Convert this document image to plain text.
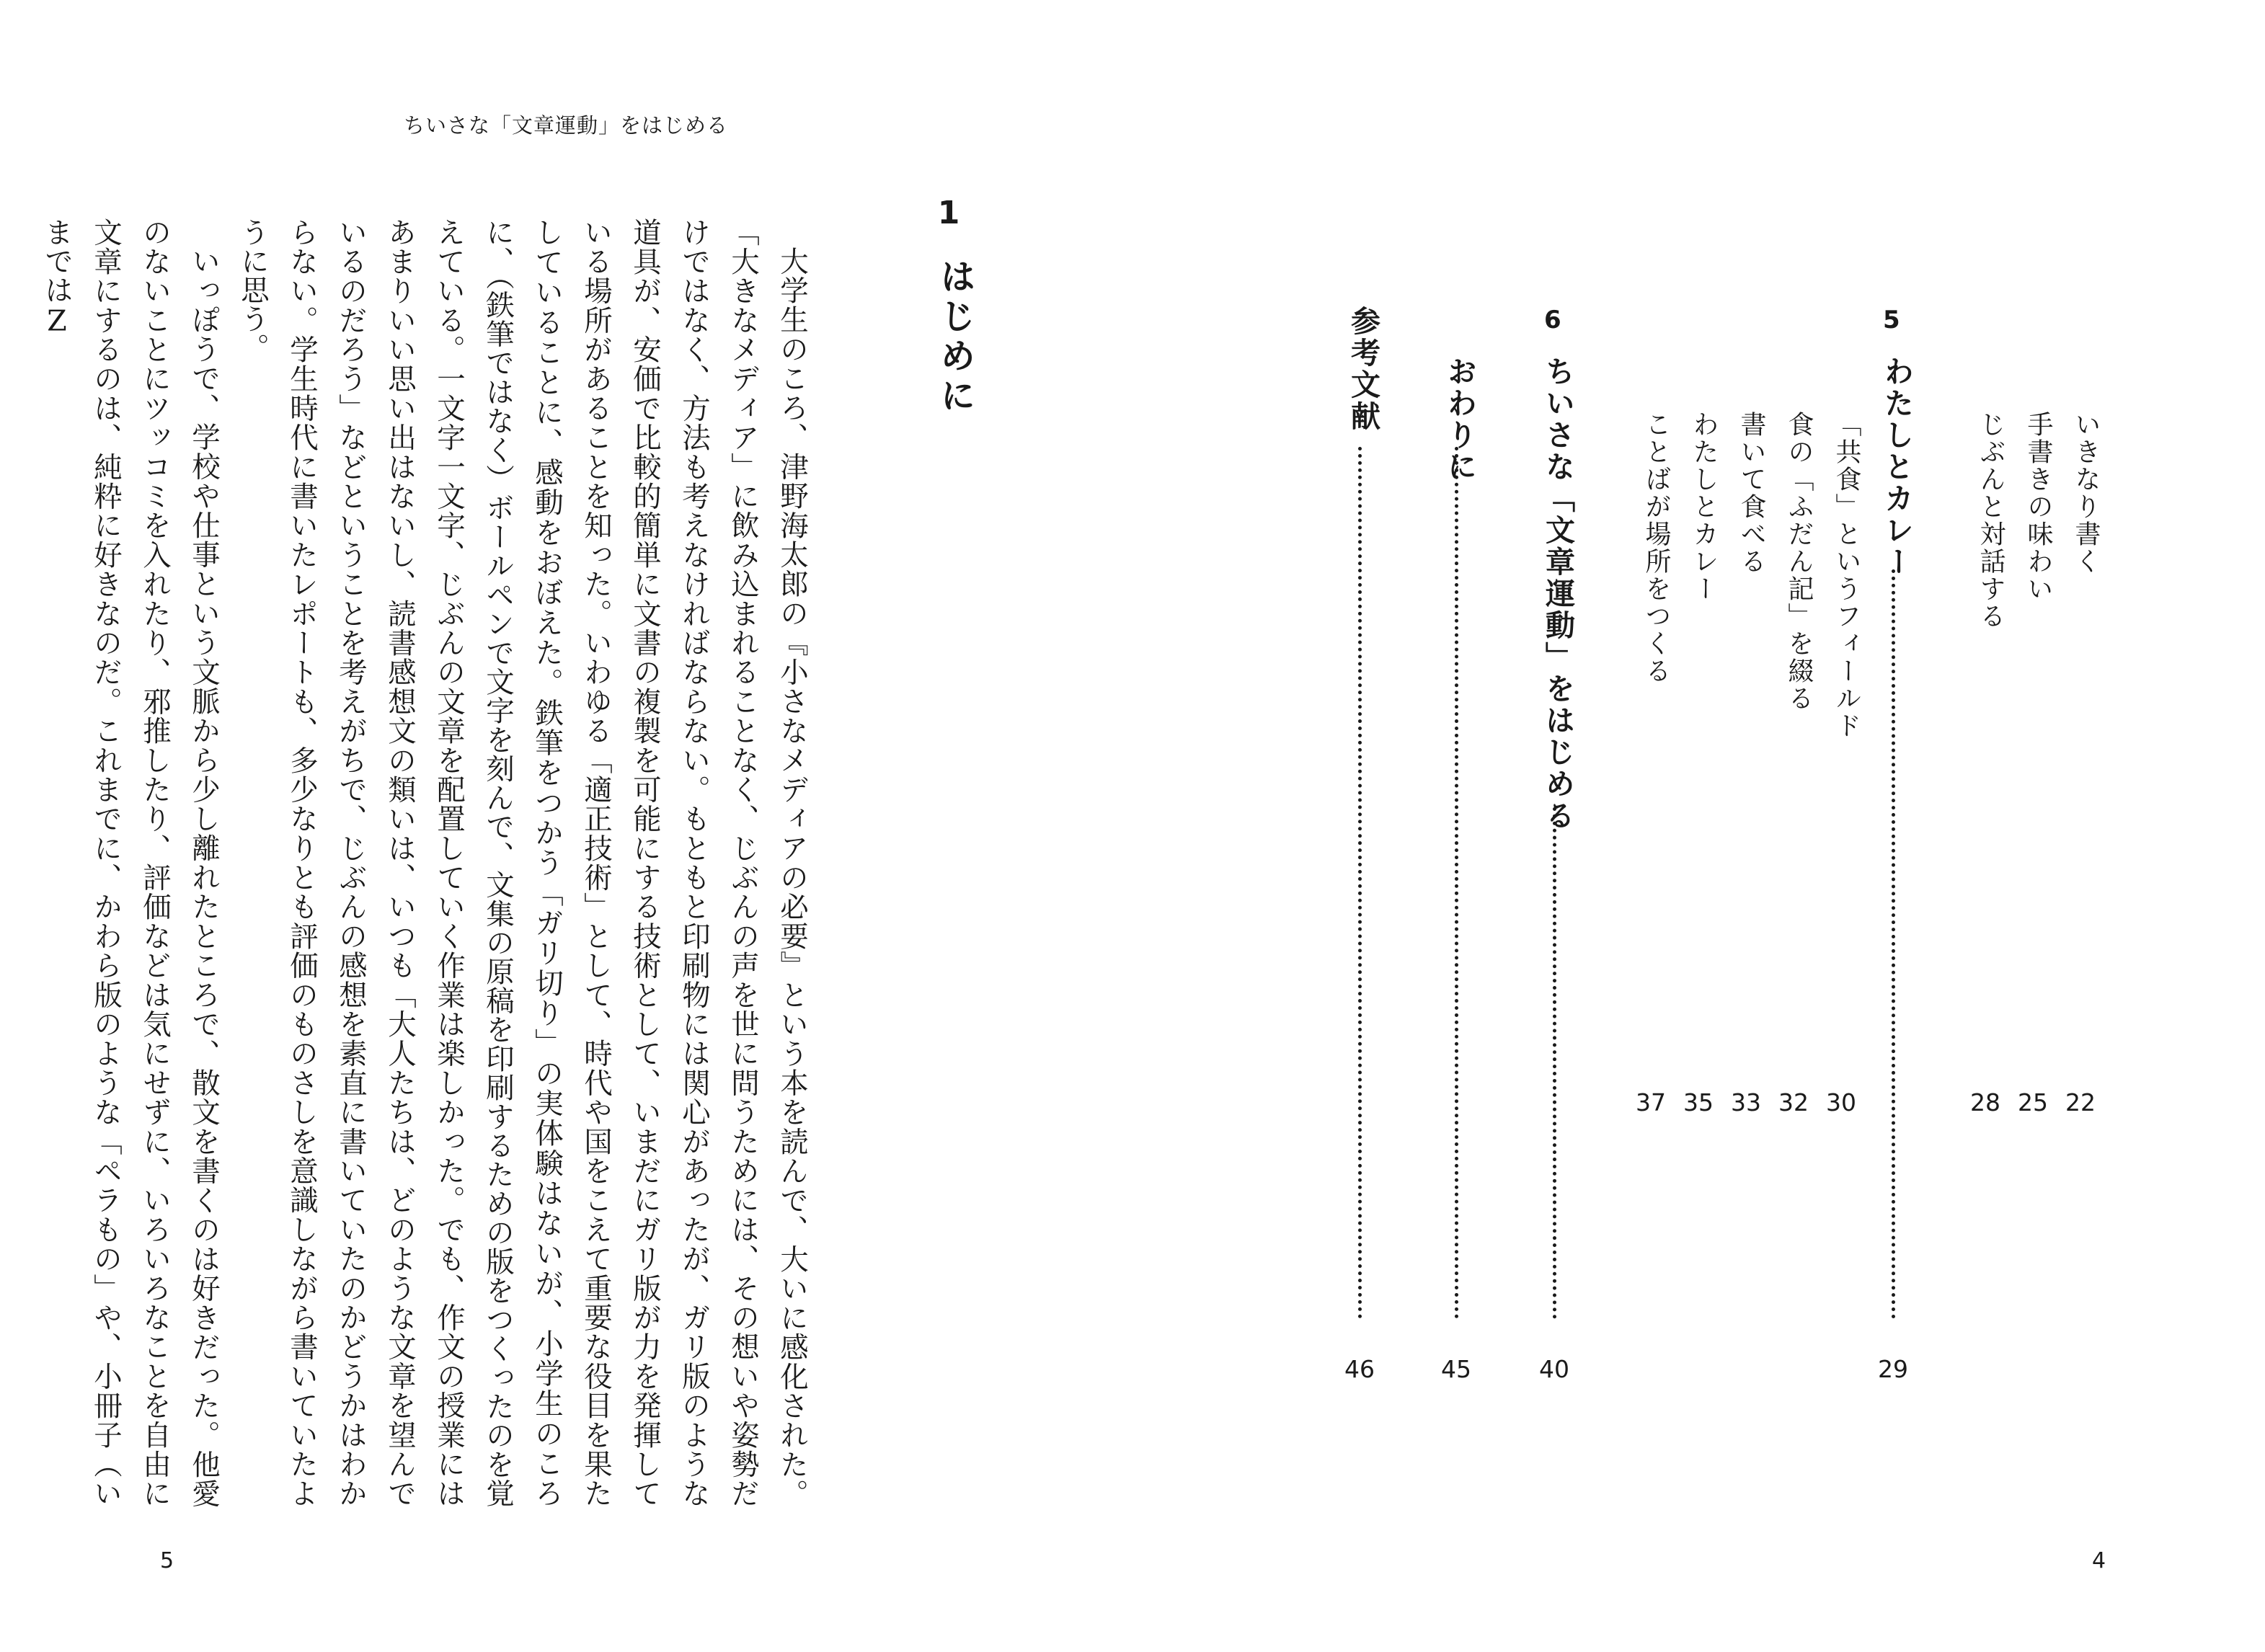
ちいさな「文章運動」をはじめる
1
はじめに

大学生のころ、津野海太郎の『小さなメディアの必要』という本を読んで、大いに感化された。「大きなメディア」に飲み込まれることなく、じぶんの声を世に問うためには、その想いや姿勢だけではなく、方法も考えなければならない。もともと印刷物には関心があったが、ガリ版のような道具が、安価で比較的簡単に文書の複製を可能にする技術として、いまだにガリ版が力を発揮している場所があることを知った。いわゆる「適正技術」として、時代や国をこえて重要な役目を果たしていることに、感動をおぼえた。鉄筆をつかう「ガリ切り」の実体験はないが、小学生のころに、（鉄筆ではなく）ボールペンで文字を刻んで、文集の原稿を印刷するための版をつくったのを覚えている。一文字一文字、じぶんの文章を配置していく作業は楽しかった。でも、作文の授業にはあまりいい思い出はないし、読書感想文の類いは、いつも「大人たちは、どのような文章を望んでいるのだろう」などということを考えがちで、じぶんの感想を素直に書いていたのかどうかはわからない。学生時代に書いたレポートも、多少なりとも評価のものさしを意識しながら書いていたように思う。

いっぽうで、学校や仕事という文脈から少し離れたところで、散文を書くのは好きだった。他愛のないことにツッコミを入れたり、邪推したり、評価などは気にせずに、いろいろなことを自由に文章にするのは、純粋に好きなのだ。これまでに、かわら版のような「ペラもの」や、小冊子（いまではZ

5
いきなり書く
手書きの味わい
じぶんと対話する
22
25
28
5
わたしとカレー
29
「共食」というフィールド
食の「ふだん記」を綴る
書いて食べる
わたしとカレー
ことばが場所をつくる
30
32
33
35
37
6
ちいさな「文章運動」をはじめる
40
おわりに
45
参考文献
46
4
